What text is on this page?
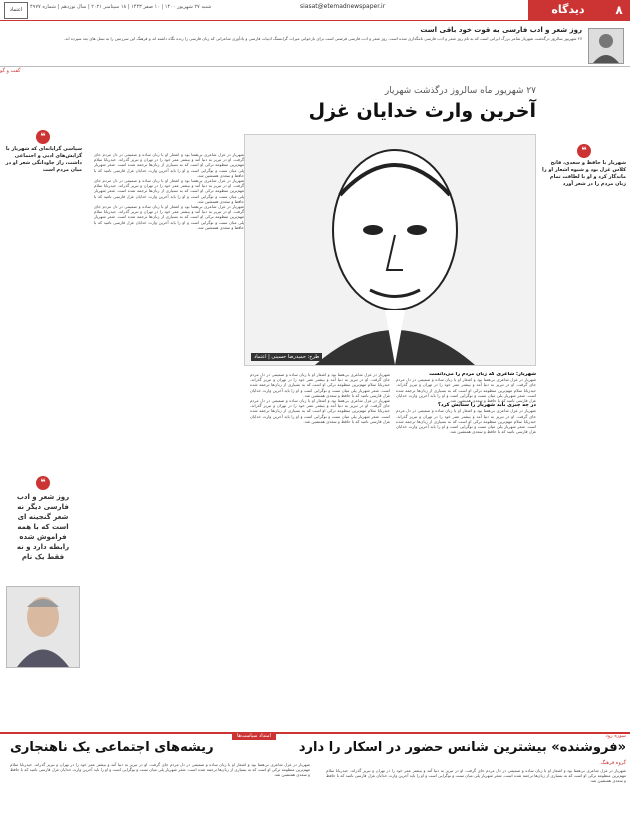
۸
دیدگاه
siasat@etemadnewspaper.ir
شنبه ۲۷ شهریور ۱۴۰۰ | ۱۰ صفر ۱۴۴۳ | ۱۸ سپتامبر ۲۰۲۱ | سال نوزدهم | شماره ۴۹۷۷
اعتماد
روز شعر و ادب فارسی به قوت خود باقی است
۲۷ شهریور سالروز درگذشت شهریار شاعر بزرگ ایرانی است که به نام روز شعر و ادب فارسی نامگذاری شده است. روز شعر و ادب فارسی فرصتی است برای بازخوانی میراث گرانسنگ ادبیات فارسی و یادآوری شاعرانی که زبان فارسی را زنده نگاه داشته اند و فرهنگ این سرزمین را به نسل های بعد سپرده اند.
گفت و گو
۲۷ شهریور ماه سالروز درگذشت شهریار
آخرین وارث خدایان غزل
طرح: حمیدرضا حسینی | اعتماد
❝
شهریار با حافظ و سعدی، فاتح کلاس غزل بود و شیوه اشعار او را ماندگار کرد و او با لطافت تمام زبان مردم را در شعر آورد
❝
سیاسی گرایانه‌ای که شهریار با گرایش‌های ادبی و اجتماعی داشت، راز جاودانگی شعر او در میان مردم است
شهریار؛ شاعری که زبان مردم را می‌دانست
شهریار در غزل شاعری بی‌همتا بود و اشعار او با زبان ساده و صمیمی در دل مردم جای گرفت. او در تبریز به دنیا آمد و بیشتر عمر خود را در تهران و تبریز گذراند. حیدربابا سلام مهم‌ترین منظومه ترکی او است که به بسیاری از زبان‌ها ترجمه شده است. شعر شهریار پلی میان سنت و نوگرایی است و او را باید آخرین وارث خدایان غزل فارسی نامید که با حافظ و سعدی همنشین شد.
در چه چیزی باید شهریار را ستایش کرد؟
شهریار در غزل شاعری بی‌همتا بود و اشعار او با زبان ساده و صمیمی در دل مردم جای گرفت. او در تبریز به دنیا آمد و بیشتر عمر خود را در تهران و تبریز گذراند. حیدربابا سلام مهم‌ترین منظومه ترکی او است که به بسیاری از زبان‌ها ترجمه شده است. شعر شهریار پلی میان سنت و نوگرایی است و او را باید آخرین وارث خدایان غزل فارسی نامید که با حافظ و سعدی همنشین شد.
شهریار در غزل شاعری بی‌همتا بود و اشعار او با زبان ساده و صمیمی در دل مردم جای گرفت. او در تبریز به دنیا آمد و بیشتر عمر خود را در تهران و تبریز گذراند. حیدربابا سلام مهم‌ترین منظومه ترکی او است که به بسیاری از زبان‌ها ترجمه شده است. شعر شهریار پلی میان سنت و نوگرایی است و او را باید آخرین وارث خدایان غزل فارسی نامید که با حافظ و سعدی همنشین شد.
شهریار در غزل شاعری بی‌همتا بود و اشعار او با زبان ساده و صمیمی در دل مردم جای گرفت. او در تبریز به دنیا آمد و بیشتر عمر خود را در تهران و تبریز گذراند. حیدربابا سلام مهم‌ترین منظومه ترکی او است که به بسیاری از زبان‌ها ترجمه شده است. شعر شهریار پلی میان سنت و نوگرایی است و او را باید آخرین وارث خدایان غزل فارسی نامید که با حافظ و سعدی همنشین شد.
شهریار در غزل شاعری بی‌همتا بود و اشعار او با زبان ساده و صمیمی در دل مردم جای گرفت. او در تبریز به دنیا آمد و بیشتر عمر خود را در تهران و تبریز گذراند. حیدربابا سلام مهم‌ترین منظومه ترکی او است که به بسیاری از زبان‌ها ترجمه شده است. شعر شهریار پلی میان سنت و نوگرایی است و او را باید آخرین وارث خدایان غزل فارسی نامید که با حافظ و سعدی همنشین شد.
شهریار در غزل شاعری بی‌همتا بود و اشعار او با زبان ساده و صمیمی در دل مردم جای گرفت. او در تبریز به دنیا آمد و بیشتر عمر خود را در تهران و تبریز گذراند. حیدربابا سلام مهم‌ترین منظومه ترکی او است که به بسیاری از زبان‌ها ترجمه شده است. شعر شهریار پلی میان سنت و نوگرایی است و او را باید آخرین وارث خدایان غزل فارسی نامید که با حافظ و سعدی همنشین شد.
شهریار در غزل شاعری بی‌همتا بود و اشعار او با زبان ساده و صمیمی در دل مردم جای گرفت. او در تبریز به دنیا آمد و بیشتر عمر خود را در تهران و تبریز گذراند. حیدربابا سلام مهم‌ترین منظومه ترکی او است که به بسیاری از زبان‌ها ترجمه شده است. شعر شهریار پلی میان سنت و نوگرایی است و او را باید آخرین وارث خدایان غزل فارسی نامید که با حافظ و سعدی همنشین شد.
❝
روز شعر و ادب فارسی دیگر نه شعر گنجینه ای است که با همه فراموش شده رابطه دارد و نه فقط یک نام
امتداد سیاست‌ها	سوره رود
«فروشنده» بیشترین شانس حضور در اسکار را دارد
گروه فرهنگ
ریشه‌های اجتماعی یک ناهنجاری
شهریار در غزل شاعری بی‌همتا بود و اشعار او با زبان ساده و صمیمی در دل مردم جای گرفت. او در تبریز به دنیا آمد و بیشتر عمر خود را در تهران و تبریز گذراند. حیدربابا سلام مهم‌ترین منظومه ترکی او است که به بسیاری از زبان‌ها ترجمه شده است. شعر شهریار پلی میان سنت و نوگرایی است و او را باید آخرین وارث خدایان غزل فارسی نامید که با حافظ و سعدی همنشین شد.
شهریار در غزل شاعری بی‌همتا بود و اشعار او با زبان ساده و صمیمی در دل مردم جای گرفت. او در تبریز به دنیا آمد و بیشتر عمر خود را در تهران و تبریز گذراند. حیدربابا سلام مهم‌ترین منظومه ترکی او است که به بسیاری از زبان‌ها ترجمه شده است. شعر شهریار پلی میان سنت و نوگرایی است و او را باید آخرین وارث خدایان غزل فارسی نامید که با حافظ و سعدی همنشین شد.
